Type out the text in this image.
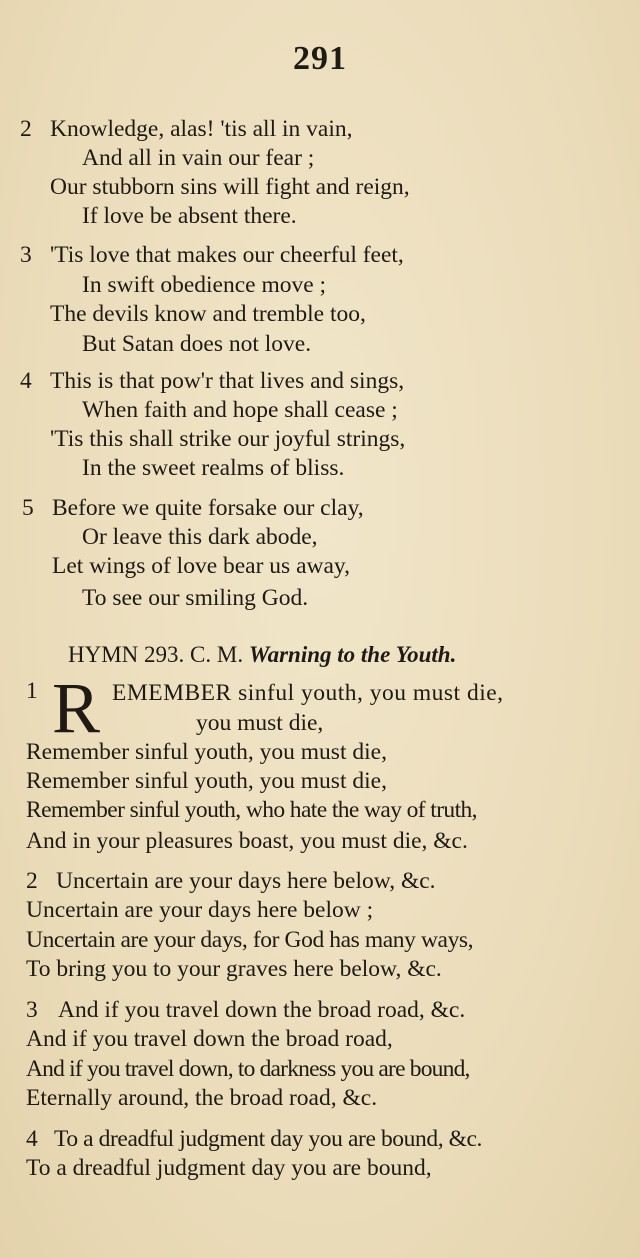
291
2 Knowledge, alas! 'tis all in vain,
And all in vain our fear ;
Our stubborn sins will fight and reign,
If love be absent there.
3 'Tis love that makes our cheerful feet,
In swift obedience move ;
The devils know and tremble too,
But Satan does not love.
4 This is that pow'r that lives and sings,
When faith and hope shall cease ;
'Tis this shall strike our joyful strings,
In the sweet realms of bliss.
5 Before we quite forsake our clay,
Or leave this dark abode,
Let wings of love bear us away,
To see our smiling God.
HYMN 293. C. M. Warning to the Youth.
1 R EMEMBER sinful youth, you must die,
you must die,
Remember sinful youth, you must die,
Remember sinful youth, you must die,
Remember sinful youth, who hate the way of truth,
And in your pleasures boast, you must die, &c.
2 Uncertain are your days here below, &c.
Uncertain are your days here below ;
Uncertain are your days, for God has many ways,
To bring you to your graves here below, &c.
3 And if you travel down the broad road, &c.
And if you travel down the broad road,
And if you travel down, to darkness you are bound,
Eternally around, the broad road, &c.
4 To a dreadful judgment day you are bound, &c.
To a dreadful judgment day you are bound,
